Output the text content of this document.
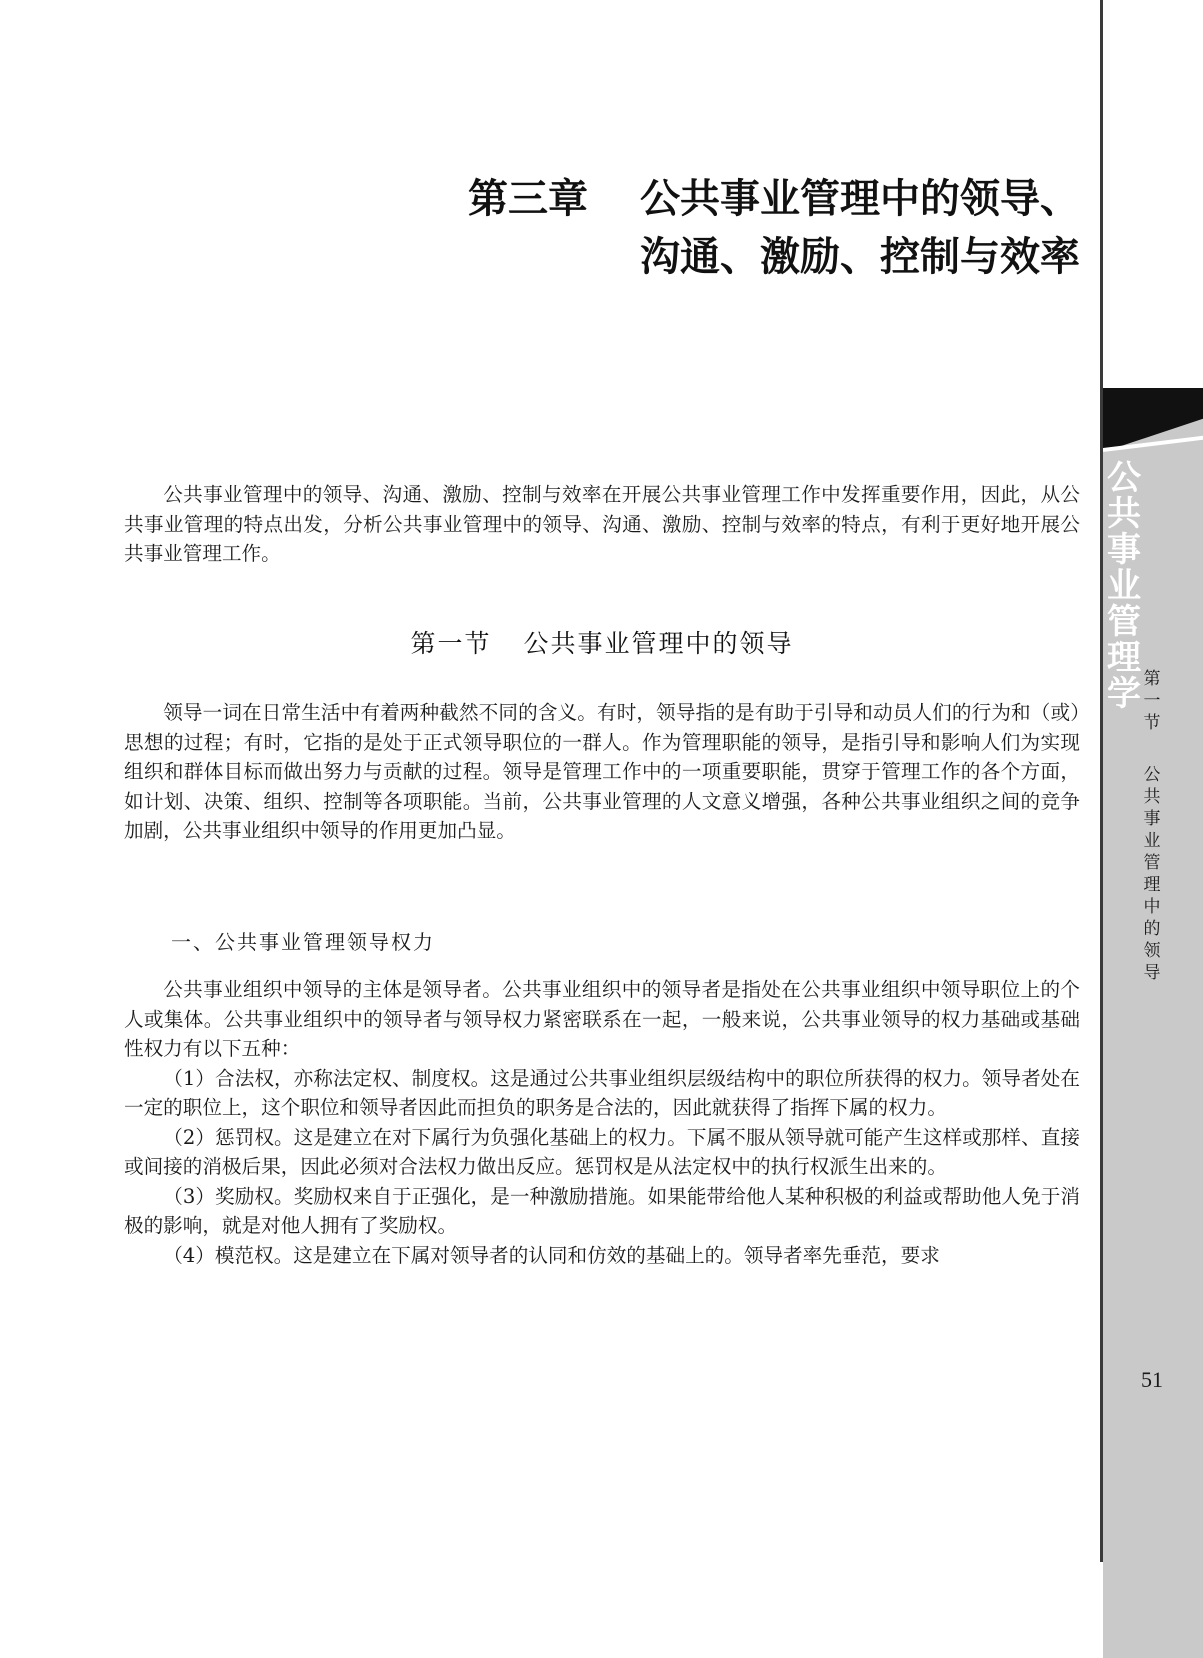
公共事业管理学 第一节
公共事业管理中的领导
51
第三章 公共事业管理中的领导、
沟通、激励、控制与效率

公共事业管理中的领导、沟通、激励、控制与效率在开展公共事业管理工作中发挥重要作用，因此，从公共事业管理的特点出发，分析公共事业管理中的领导、沟通、激励、控制与效率的特点，有利于更好地开展公共事业管理工作。

第一节 公共事业管理中的领导

领导一词在日常生活中有着两种截然不同的含义。有时，领导指的是有助于引导和动员人们的行为和（或）思想的过程；有时，它指的是处于正式领导职位的一群人。作为管理职能的领导，是指引导和影响人们为实现组织和群体目标而做出努力与贡献的过程。领导是管理工作中的一项重要职能，贯穿于管理工作的各个方面，如计划、决策、组织、控制等各项职能。当前，公共事业管理的人文意义增强，各种公共事业组织之间的竞争加剧，公共事业组织中领导的作用更加凸显。

一、公共事业管理领导权力

公共事业组织中领导的主体是领导者。公共事业组织中的领导者是指处在公共事业组织中领导职位上的个人或集体。公共事业组织中的领导者与领导权力紧密联系在一起，一般来说，公共事业领导的权力基础或基础性权力有以下五种：

（1）合法权，亦称法定权、制度权。这是通过公共事业组织层级结构中的职位所获得的权力。领导者处在一定的职位上，这个职位和领导者因此而担负的职务是合法的，因此就获得了指挥下属的权力。

（2）惩罚权。这是建立在对下属行为负强化基础上的权力。下属不服从领导就可能产生这样或那样、直接或间接的消极后果，因此必须对合法权力做出反应。惩罚权是从法定权中的执行权派生出来的。

（3）奖励权。奖励权来自于正强化，是一种激励措施。如果能带给他人某种积极的利益或帮助他人免于消极的影响，就是对他人拥有了奖励权。

（4）模范权。这是建立在下属对领导者的认同和仿效的基础上的。领导者率先垂范，要求
